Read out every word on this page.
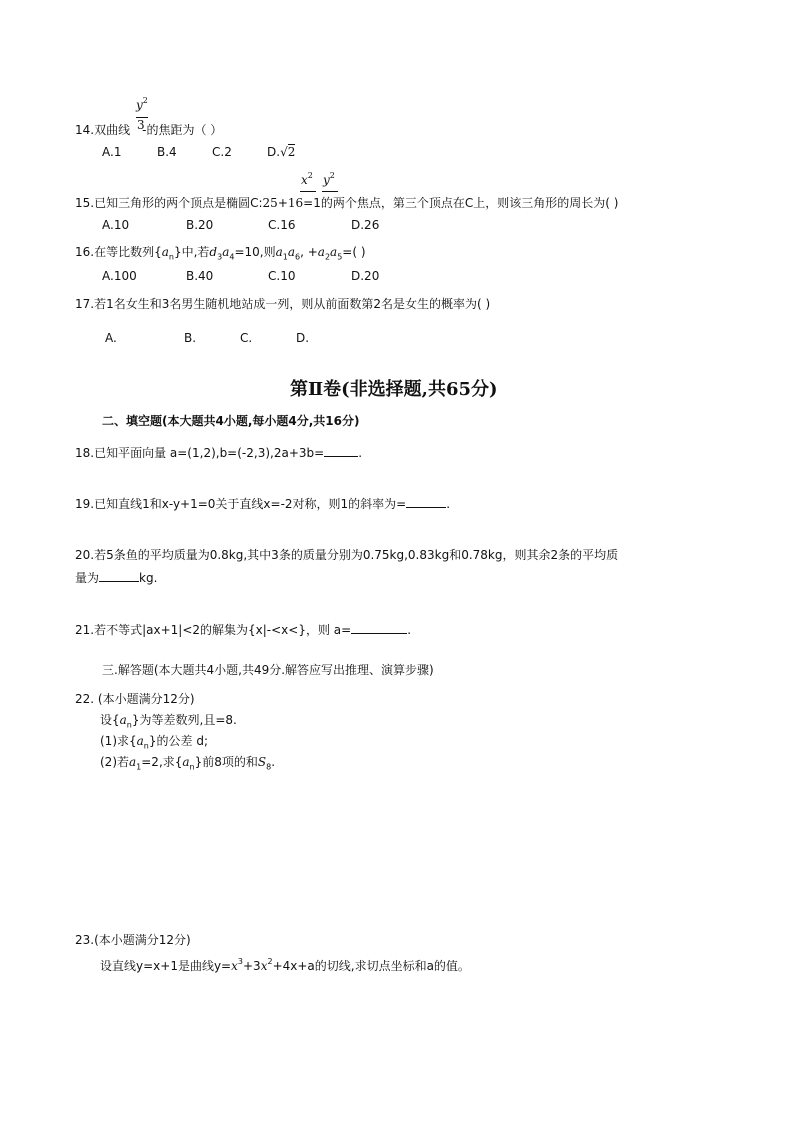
$y^2$
3
14.双曲线 -的焦距为（ ）
A.1	B.4	C.2	D.√2
$x^2$ $y^2$
15.已知三角形的两个顶点是椭圆C:25+16=1的两个焦点，第三个顶点在C上，则该三角形的周长为( )
A.10	B.20	C.16	D.26
16.在等比数列$\{a_n\}$中,若$d_3a_4=10$,则$a_1a_6$, $+a_2a_5=$( )
A.100	B.40	C.10	D.20
17.若1名女生和3名男生随机地站成一列，则从前面数第2名是女生的概率为( )
A.	B.	C.	D.
第Ⅱ卷(非选择题,共65分)
二、填空题(本大题共4小题,每小题4分,共16分)
18.已知平面向量 a=(1,2),b=(-2,3),2a+3b=	.
19.已知直线1和x-y+1=0关于直线x=-2对称，则1的斜率为=	.
20.若5条鱼的平均质量为0.8kg,其中3条的质量分别为0.75kg,0.83kg和0.78kg，则其余2条的平均质
量为	kg.
21.若不等式|ax+1|<2的解集为{x|-<x<}，则 a=	.
三.解答题(本大题共4小题,共49分.解答应写出推理、演算步骤)
22. (本小题满分12分)
设$\{a_n\}$为等差数列,且=8.
(1)求$\{a_n\}$的公差 d;
(2)若$a_1=2$,求$\{a_n\}$前8项的和$S_8$.
23.(本小题满分12分)
设直线y=x+1是曲线$y=x^3+3x^2+4x+a$的切线,求切点坐标和a的值。
